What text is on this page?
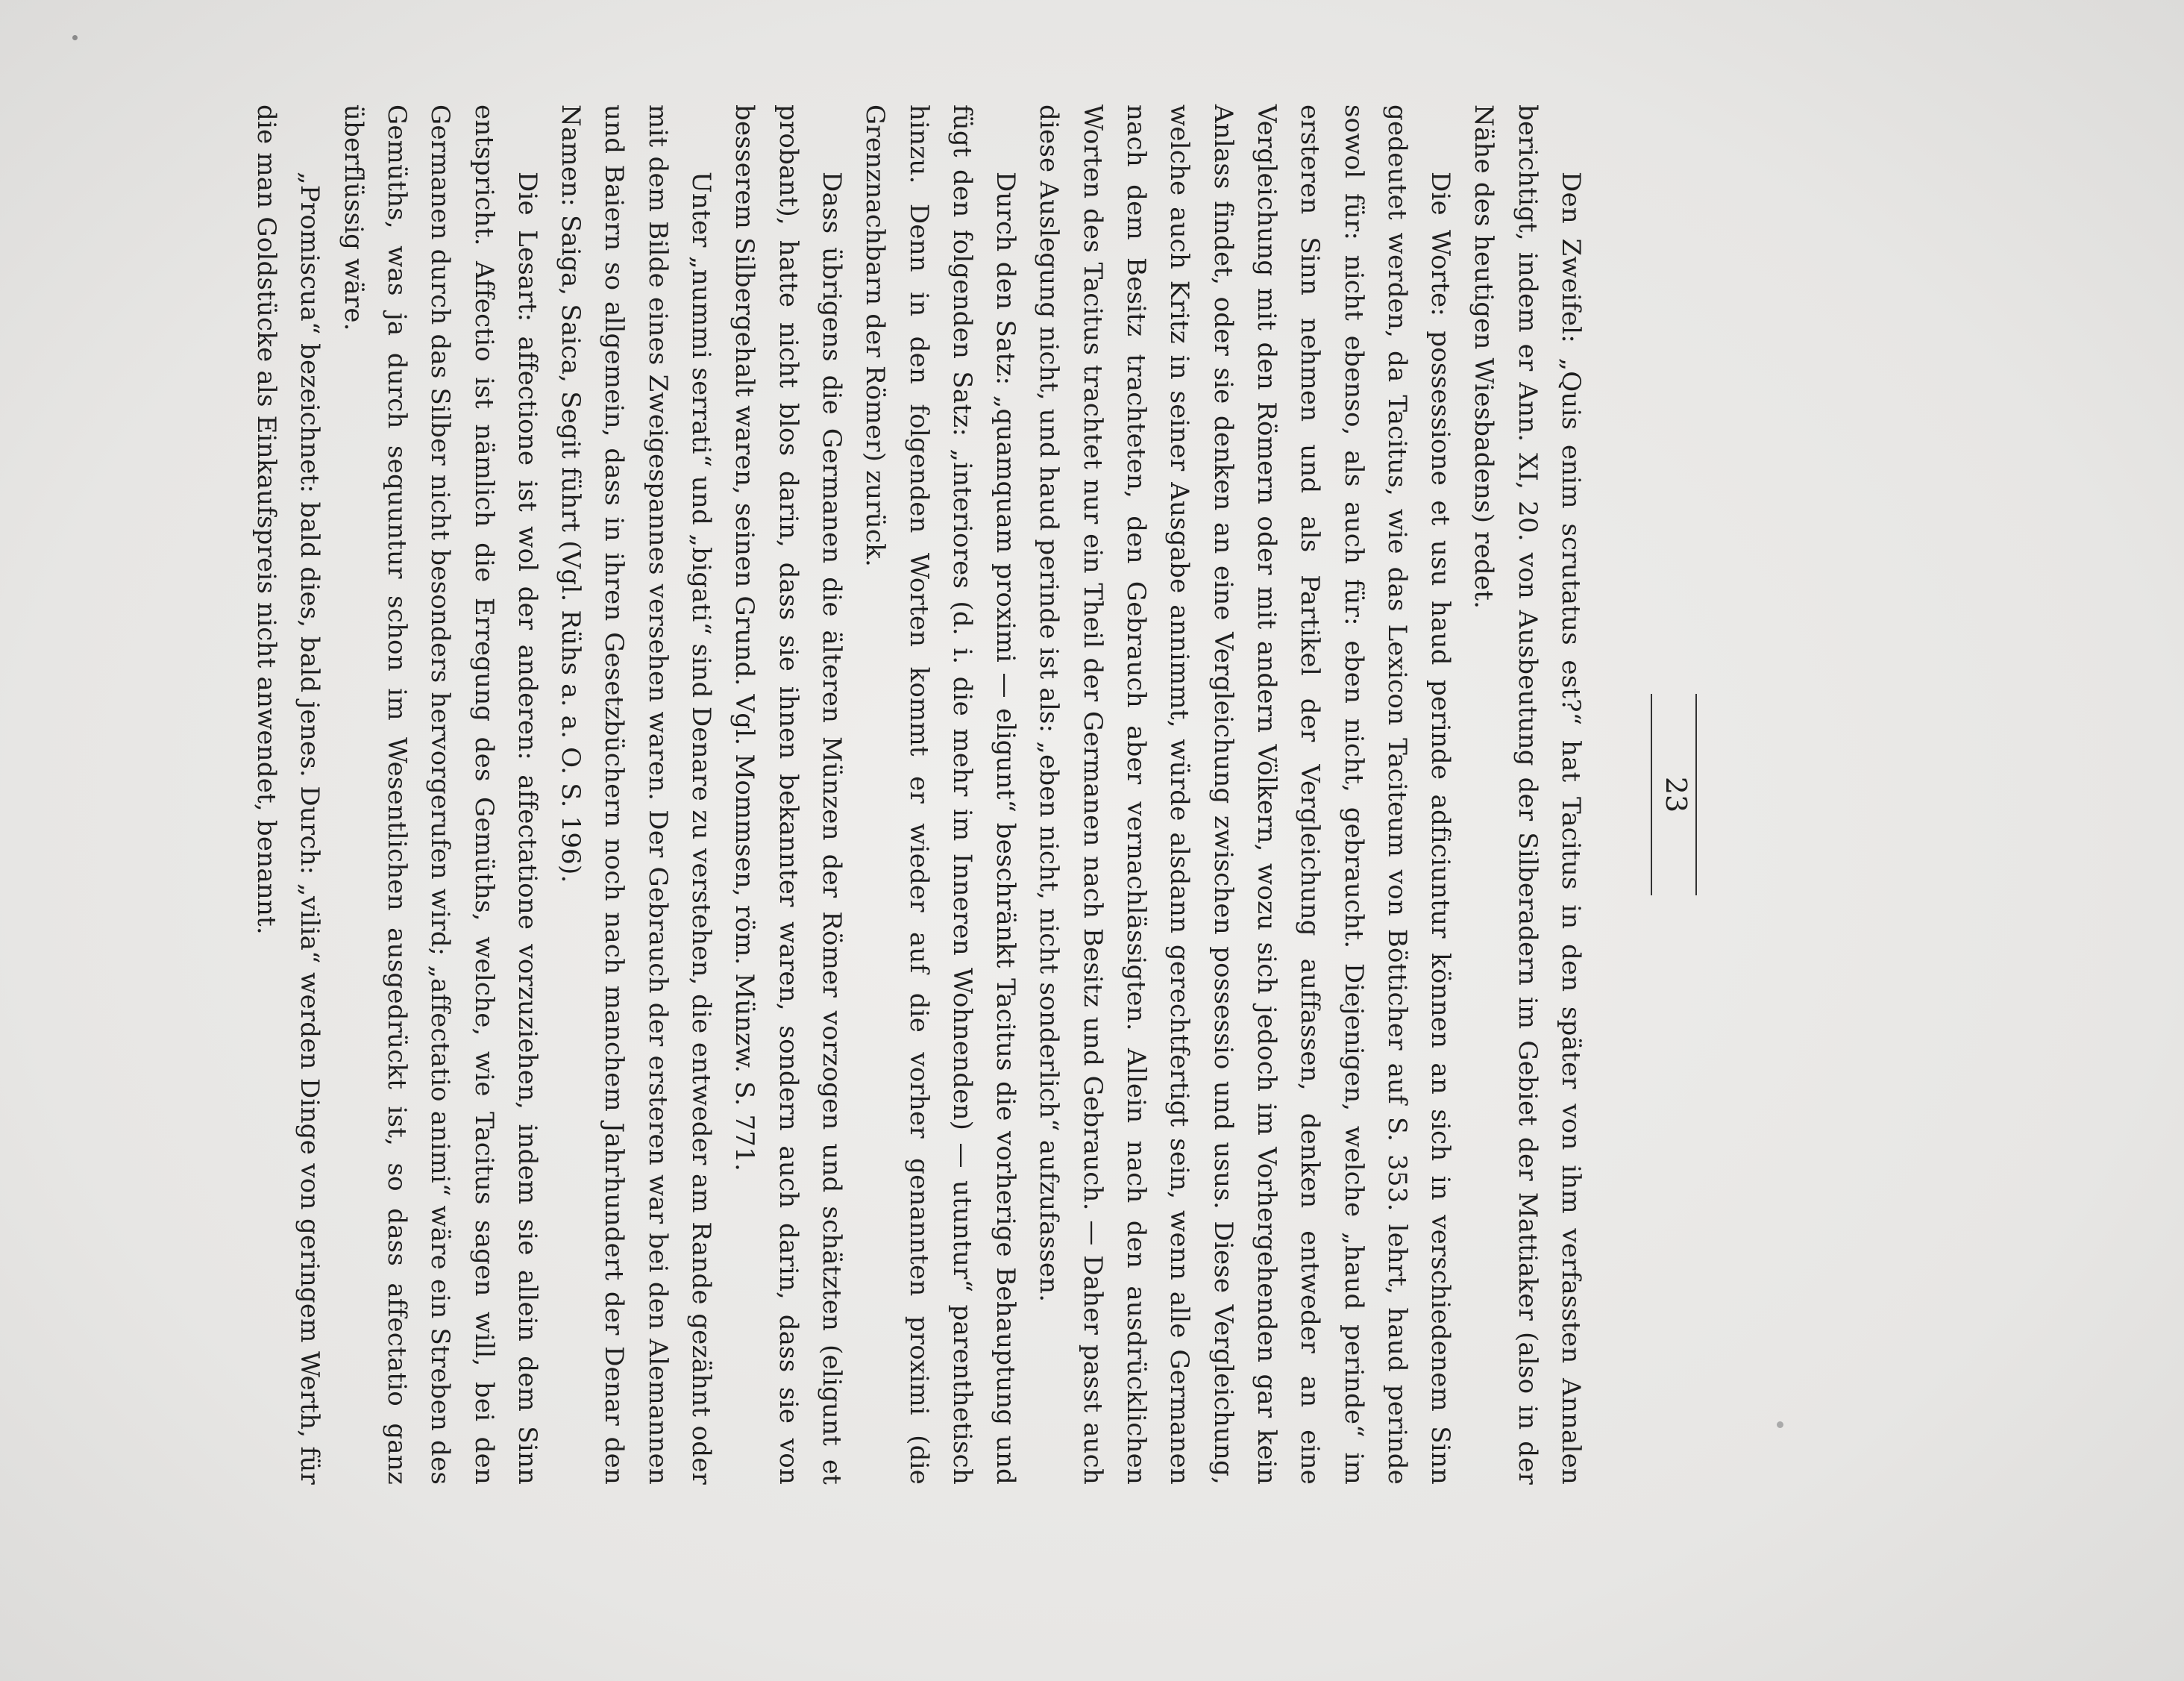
23

Den Zweifel: „Quis enim scrutatus est?“ hat Tacitus in den später von ihm verfassten Annalen berichtigt, indem er Ann. XI, 20. von Ausbeutung der Silberadern im Gebiet der Mattiaker (also in der Nähe des heutigen Wiesbadens) redet.

Die Worte: possessione et usu haud perinde adficiuntur können an sich in verschiedenem Sinn gedeutet werden, da Tacitus, wie das Lexicon Taciteum von Bötticher auf S. 353. lehrt, haud perinde sowol für: nicht ebenso, als auch für: eben nicht, gebraucht. Diejenigen, welche „haud perinde“ im ersteren Sinn nehmen und als Partikel der Vergleichung auffassen, denken entweder an eine Vergleichung mit den Römern oder mit andern Völkern, wozu sich jedoch im Vorhergehenden gar kein Anlass findet, oder sie denken an eine Vergleichung zwischen possessio und usus. Diese Vergleichung, welche auch Kritz in seiner Ausgabe annimmt, würde alsdann gerechtfertigt sein, wenn alle Germanen nach dem Besitz trachteten, den Gebrauch aber vernachlässigten. Allein nach den ausdrücklichen Worten des Tacitus trachtet nur ein Theil der Germanen nach Besitz und Gebrauch. — Daher passt auch diese Auslegung nicht, und haud perinde ist als: „eben nicht, nicht sonderlich“ aufzufassen.

Durch den Satz: „quamquam proximi — eligunt“ beschränkt Tacitus die vorherige Behauptung und fügt den folgenden Satz: „interiores (d. i. die mehr im Inneren Wohnenden) — utuntur“ parenthetisch hinzu. Denn in den folgenden Worten kommt er wieder auf die vorher genannten proximi (die Grenznachbarn der Römer) zurück.

Dass übrigens die Germanen die älteren Münzen der Römer vorzogen und schätzten (eligunt et probant), hatte nicht blos darin, dass sie ihnen bekannter waren, sondern auch darin, dass sie von besserem Silbergehalt waren, seinen Grund. Vgl. Mommsen, röm. Münzw. S. 771.

Unter „nummi serrati“ und „bigati“ sind Denare zu verstehen, die entweder am Rande gezähnt oder mit dem Bilde eines Zweigespannes versehen waren. Der Gebrauch der ersteren war bei den Alemannen und Baiern so allgemein, dass in ihren Gesetzbüchern noch nach manchem Jahrhundert der Denar den Namen: Saiga, Saica, Segit führt (Vgl. Rühs a. a. O. S. 196).

Die Lesart: affectione ist wol der anderen: affectatione vorzuziehen, indem sie allein dem Sinn entspricht. Affectio ist nämlich die Erregung des Gemüths, welche, wie Tacitus sagen will, bei den Germanen durch das Silber nicht besonders hervorgerufen wird; „affectatio animi“ wäre ein Streben des Gemüths, was ja durch sequuntur schon im Wesentlichen ausgedrückt ist, so dass affectatio ganz überflüssig wäre.

„Promiscua“ bezeichnet: bald dies, bald jenes. Durch: „vilia“ werden Dinge von geringem Werth, für die man Goldstücke als Einkaufspreis nicht anwendet, benannt.
